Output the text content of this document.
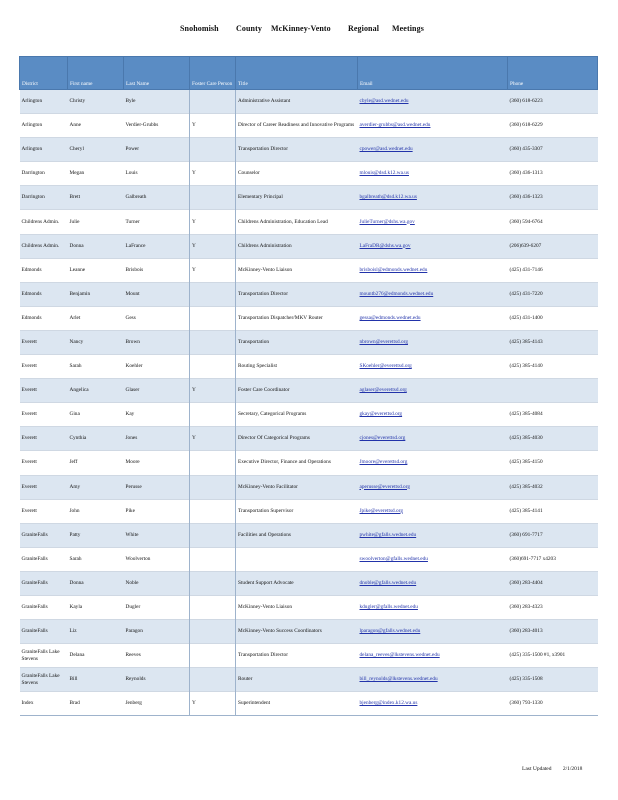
Snohomish County McKinney-Vento Regional Meetings
District	First name	Last Name	Foster Care Person	Title	Email	Phone
Arlington	Christy	Byle		Administrative Assistant	cbyle@asd.wednet.edu	(360) 618-6223
Arlington	Anne	Verdier-Grubbs	Y	Director of Career Readiness and Innovative Programs	averdier-grubbs@asd.wednet.edu	(360) 618-6229
Arlington	Cheryl	Power		Transportation Director	cpower@asd.wednet.edu	(360) 435-3307
Darrington	Megan	Louis	Y	Counselor	mlouis@dsd.k12.wa.us	(360) 436-1313
Darrington	Brett	Galbreath		Elementary Principal	bgalbreath@dsd.k12.wa.us	(360) 436-1323
Childrens Admin.	Julie	Turner	Y	Childrens Administration, Education Lead	JulieTurner@dshs.wa.gov	(360) 594-6764
Childrens Admin.	Donna	LaFrance	Y	Childrens Administration	LaFraDR@dshs.wa.gov	(206)639-6207
Edmonds	Leanne	Brisbois	Y	McKinney-Vento Liaison	brisboisl@edmonds.wednet.edu	(425) 431-7146
Edmonds	Benjamin	Mount		Transportation Director	mountb276@edmonds.wednet.edu	(425) 431-7220
Edmonds	Arlet	Gess		Transportation Dispatcher/MKV Router	gessa@edmonds.wednet.edu	(425) 431-1400
Everett	Nancy	Brown		Transportation	nbrown@everettsd.org	(425) 385-4143
Everett	Sarah	Koehler		Routing Specialist	SKoehler@everettsd.org	(425) 385-4140
Everett	Angelica	Glaser	Y	Foster Care Coordinator	aglaser@everettsd.org	
Everett	Gina	Kay		Secretary, Categorical Programs	gkay@everettsd.org	(425) 385-4084
Everett	Cynthia	Jones	Y	Director Of Categorical Programs	cjones@everettsd.org	(425) 385-4030
Everett	Jeff	Moore		Executive Director, Finance and Operations	Jmoore@everettsd.org	(425) 385-4150
Everett	Amy	Perusse		McKinney-Vento Facilitator	aperusse@everettsd.org	(425) 385-4032
Everett	John	Pike		Transportation Supervisor	Jpike@everettsd.org	(425) 385-4141
GraniteFalls	Patty	White		Facilities and Operations	pwhite@gfalls.wednet.edu	(360) 691-7717
GraniteFalls	Sarah	Woolverton			swoolverton@gfalls.wednet.edu	(360)691-7717 x4203
GraniteFalls	Donna	Noble		Student Support Advocate	dnoble@gfalls.wednet.edu	(360) 283-4404
GraniteFalls	Kayla	Dugler		McKinney-Vento Liaison	kdugler@gfalls.wednet.edu	(360) 283-4323
GraniteFalls	Liz	Paragon		McKinney-Vento Success Coordinators	lparagon@gfalls.wednet.edu	(360) 283-4013
GraniteFalls Lake Stevens	Delana	Reeves		Transportation Director	delana_reeves@lkstevens.wednet.edu	(425) 335-1500 #1, x3901
GraniteFalls Lake Stevens	Bill	Reynolds		Router	bill_reynolds@lkstevens.wednet.edu	(425) 335-1508
Index	Brad	Jenberg	Y	Superintendent	bjenberg@index.k12.wa.us	(360) 793-1330
Last Updated 2/1/2018
